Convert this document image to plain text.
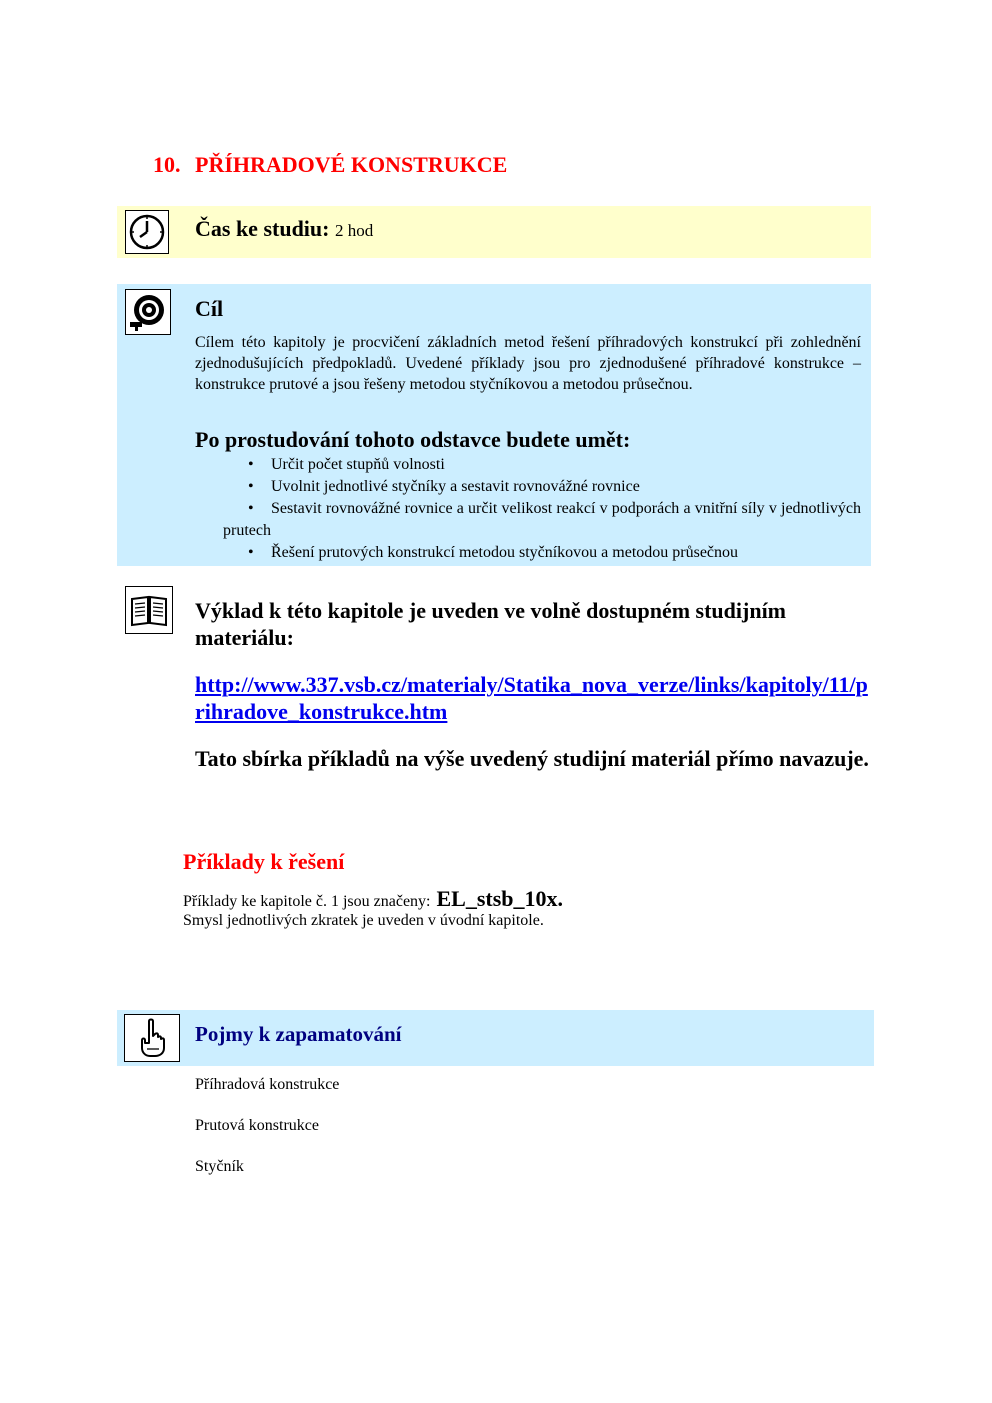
10. PŘÍHRADOVÉ KONSTRUKCE
Čas ke studiu: 2 hod
Cíl
Cílem této kapitoly je procvičení základních metod řešení příhradových konstrukcí při zohlednění zjednodušujících předpokladů. Uvedené příklady jsou pro zjednodušené příhradové konstrukce – konstrukce prutové a jsou řešeny metodou styčníkovou a metodou průsečnou.
Po prostudování tohoto odstavce budete umět:
• Určit počet stupňů volnosti
• Uvolnit jednotlivé styčníky a sestavit rovnovážné rovnice
• Sestavit rovnovážné rovnice a určit velikost reakcí v podporách a vnitřní síly v jednotlivých prutech
• Řešení prutových konstrukcí metodou styčníkovou a metodou průsečnou
Výklad k této kapitole je uveden ve volně dostupném studijním materiálu:
http://www.337.vsb.cz/materialy/Statika_nova_verze/links/kapitoly/11/prihradove_konstrukce.htm
Tato sbírka příkladů na výše uvedený studijní materiál přímo navazuje.
Příklady k řešení
Příklady ke kapitole č. 1 jsou značeny: EL_stsb_10x.
Smysl jednotlivých zkratek je uveden v úvodní kapitole.
Pojmy k zapamatování
Příhradová konstrukce
Prutová konstrukce
Styčník
